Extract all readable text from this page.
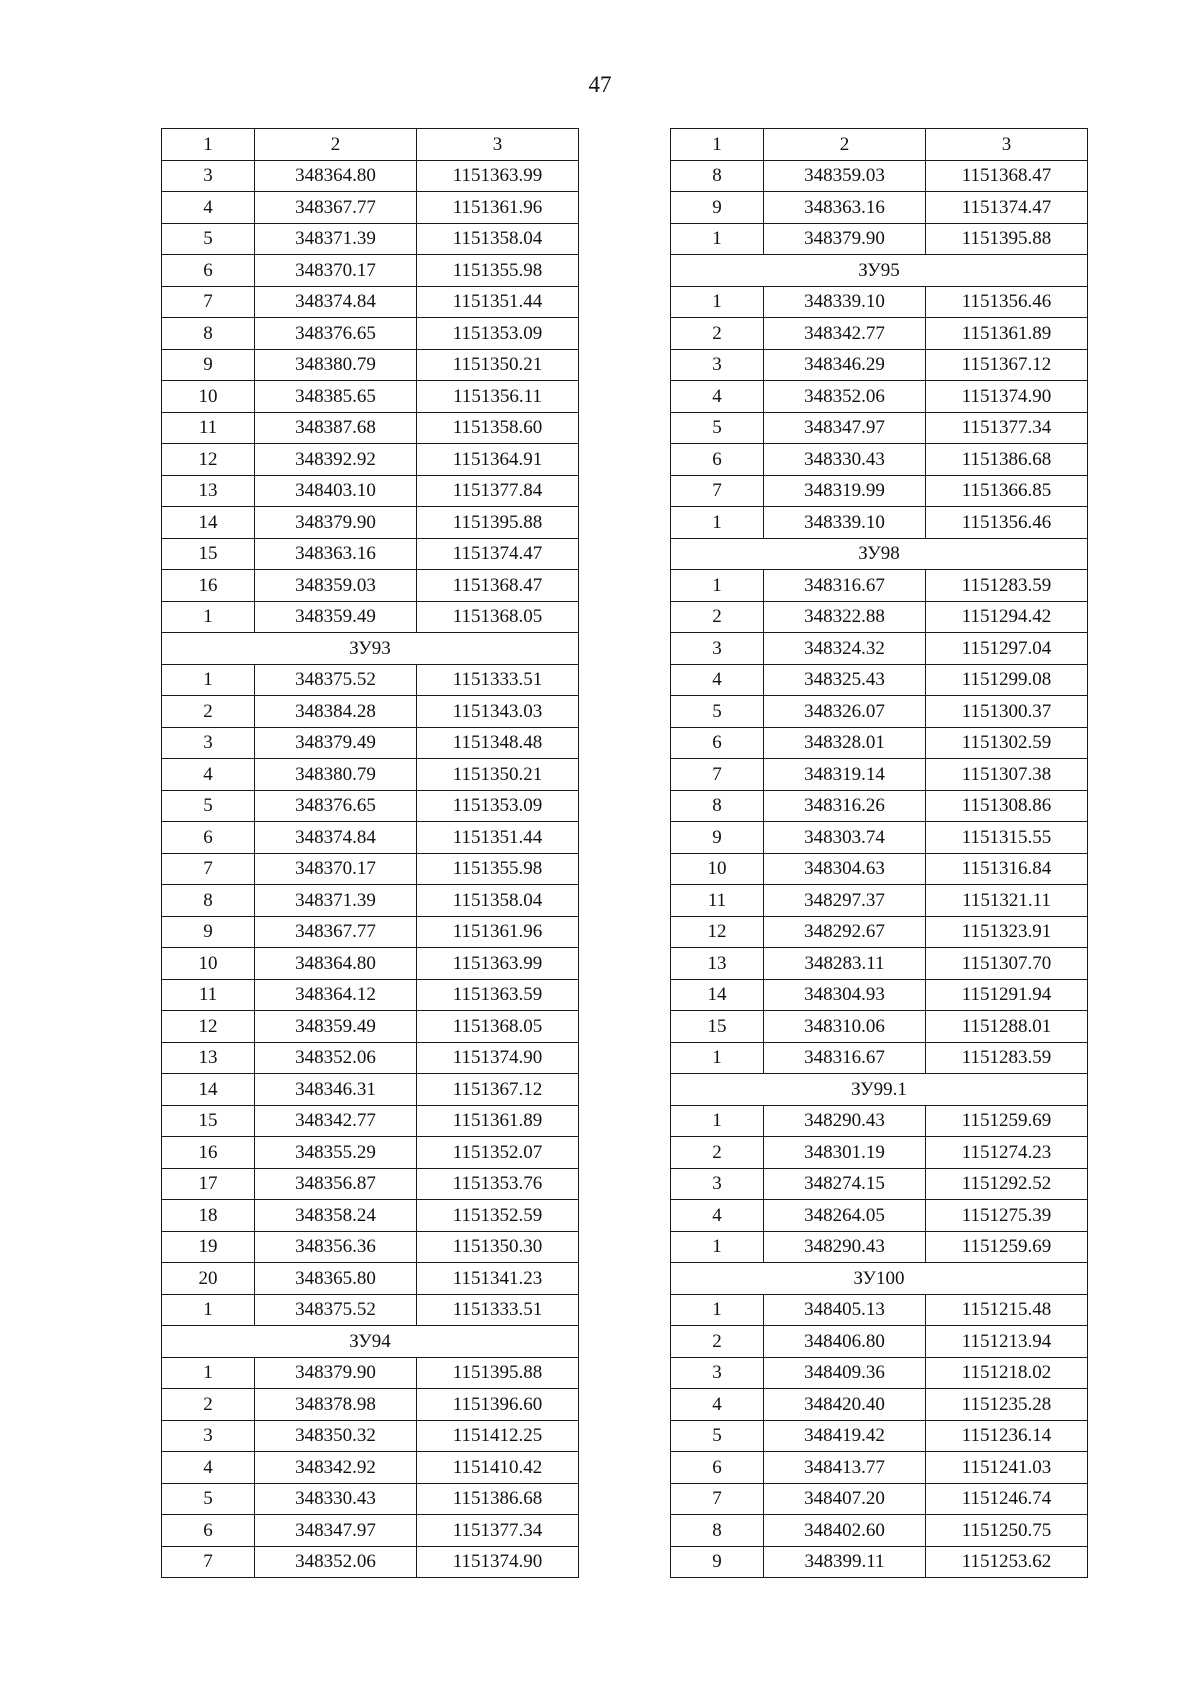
47
1	2	3
3	348364.80	1151363.99
4	348367.77	1151361.96
5	348371.39	1151358.04
6	348370.17	1151355.98
7	348374.84	1151351.44
8	348376.65	1151353.09
9	348380.79	1151350.21
10	348385.65	1151356.11
11	348387.68	1151358.60
12	348392.92	1151364.91
13	348403.10	1151377.84
14	348379.90	1151395.88
15	348363.16	1151374.47
16	348359.03	1151368.47
1	348359.49	1151368.05
ЗУ93		
1	348375.52	1151333.51
2	348384.28	1151343.03
3	348379.49	1151348.48
4	348380.79	1151350.21
5	348376.65	1151353.09
6	348374.84	1151351.44
7	348370.17	1151355.98
8	348371.39	1151358.04
9	348367.77	1151361.96
10	348364.80	1151363.99
11	348364.12	1151363.59
12	348359.49	1151368.05
13	348352.06	1151374.90
14	348346.31	1151367.12
15	348342.77	1151361.89
16	348355.29	1151352.07
17	348356.87	1151353.76
18	348358.24	1151352.59
19	348356.36	1151350.30
20	348365.80	1151341.23
1	348375.52	1151333.51
ЗУ94		
1	348379.90	1151395.88
2	348378.98	1151396.60
3	348350.32	1151412.25
4	348342.92	1151410.42
5	348330.43	1151386.68
6	348347.97	1151377.34
7	348352.06	1151374.90
1	2	3
8	348359.03	1151368.47
9	348363.16	1151374.47
1	348379.90	1151395.88
ЗУ95		
1	348339.10	1151356.46
2	348342.77	1151361.89
3	348346.29	1151367.12
4	348352.06	1151374.90
5	348347.97	1151377.34
6	348330.43	1151386.68
7	348319.99	1151366.85
1	348339.10	1151356.46
ЗУ98		
1	348316.67	1151283.59
2	348322.88	1151294.42
3	348324.32	1151297.04
4	348325.43	1151299.08
5	348326.07	1151300.37
6	348328.01	1151302.59
7	348319.14	1151307.38
8	348316.26	1151308.86
9	348303.74	1151315.55
10	348304.63	1151316.84
11	348297.37	1151321.11
12	348292.67	1151323.91
13	348283.11	1151307.70
14	348304.93	1151291.94
15	348310.06	1151288.01
1	348316.67	1151283.59
ЗУ99.1		
1	348290.43	1151259.69
2	348301.19	1151274.23
3	348274.15	1151292.52
4	348264.05	1151275.39
1	348290.43	1151259.69
ЗУ100		
1	348405.13	1151215.48
2	348406.80	1151213.94
3	348409.36	1151218.02
4	348420.40	1151235.28
5	348419.42	1151236.14
6	348413.77	1151241.03
7	348407.20	1151246.74
8	348402.60	1151250.75
9	348399.11	1151253.62
